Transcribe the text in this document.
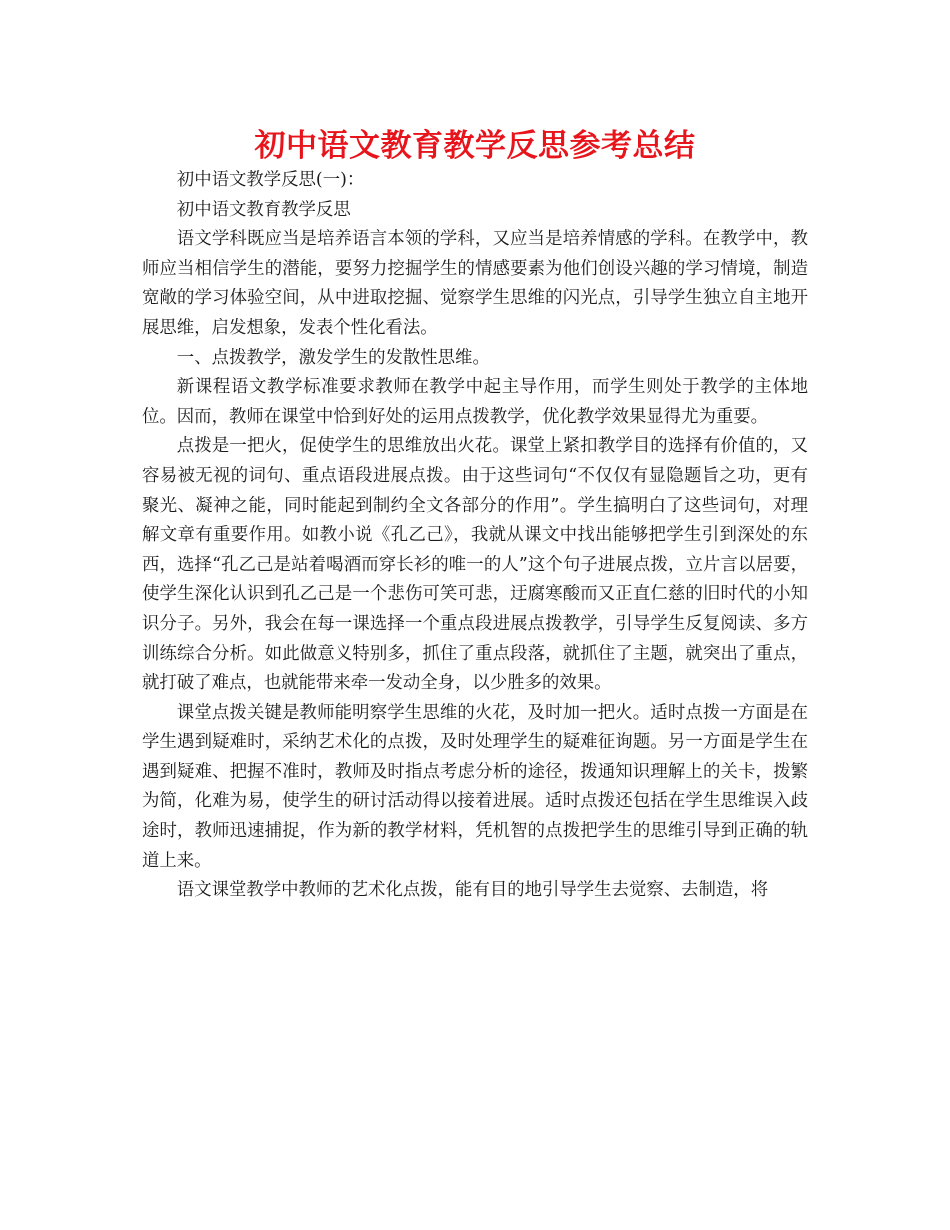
初中语文教育教学反思参考总结

初中语文教学反思(一)：

初中语文教育教学反思

语文学科既应当是培养语言本领的学科，又应当是培养情感的学科。在教学中，教师应当相信学生的潜能，要努力挖掘学生的情感要素为他们创设兴趣的学习情境，制造宽敞的学习体验空间，从中进取挖掘、觉察学生思维的闪光点，引导学生独立自主地开展思维，启发想象，发表个性化看法。

一、点拨教学，激发学生的发散性思维。

新课程语文教学标准要求教师在教学中起主导作用，而学生则处于教学的主体地位。因而，教师在课堂中恰到好处的运用点拨教学，优化教学效果显得尤为重要。

点拨是一把火，促使学生的思维放出火花。课堂上紧扣教学目的选择有价值的，又容易被无视的词句、重点语段进展点拨。由于这些词句“不仅仅有显隐题旨之功，更有聚光、凝神之能，同时能起到制约全文各部分的作用”。学生搞明白了这些词句，对理解文章有重要作用。如教小说《孔乙己》，我就从课文中找出能够把学生引到深处的东西，选择“孔乙己是站着喝酒而穿长衫的唯一的人”这个句子进展点拨，立片言以居要，使学生深化认识到孔乙己是一个悲伤可笑可悲，迂腐寒酸而又正直仁慈的旧时代的小知识分子。另外，我会在每一课选择一个重点段进展点拨教学，引导学生反复阅读、多方训练综合分析。如此做意义特别多，抓住了重点段落，就抓住了主题，就突出了重点，就打破了难点，也就能带来牵一发动全身，以少胜多的效果。

课堂点拨关键是教师能明察学生思维的火花，及时加一把火。适时点拨一方面是在学生遇到疑难时，采纳艺术化的点拨，及时处理学生的疑难征询题。另一方面是学生在遇到疑难、把握不准时，教师及时指点考虑分析的途径，拨通知识理解上的关卡，拨繁为简，化难为易，使学生的研讨活动得以接着进展。适时点拨还包括在学生思维误入歧途时，教师迅速捕捉，作为新的教学材料，凭机智的点拨把学生的思维引导到正确的轨道上来。

语文课堂教学中教师的艺术化点拨，能有目的地引导学生去觉察、去制造，将
